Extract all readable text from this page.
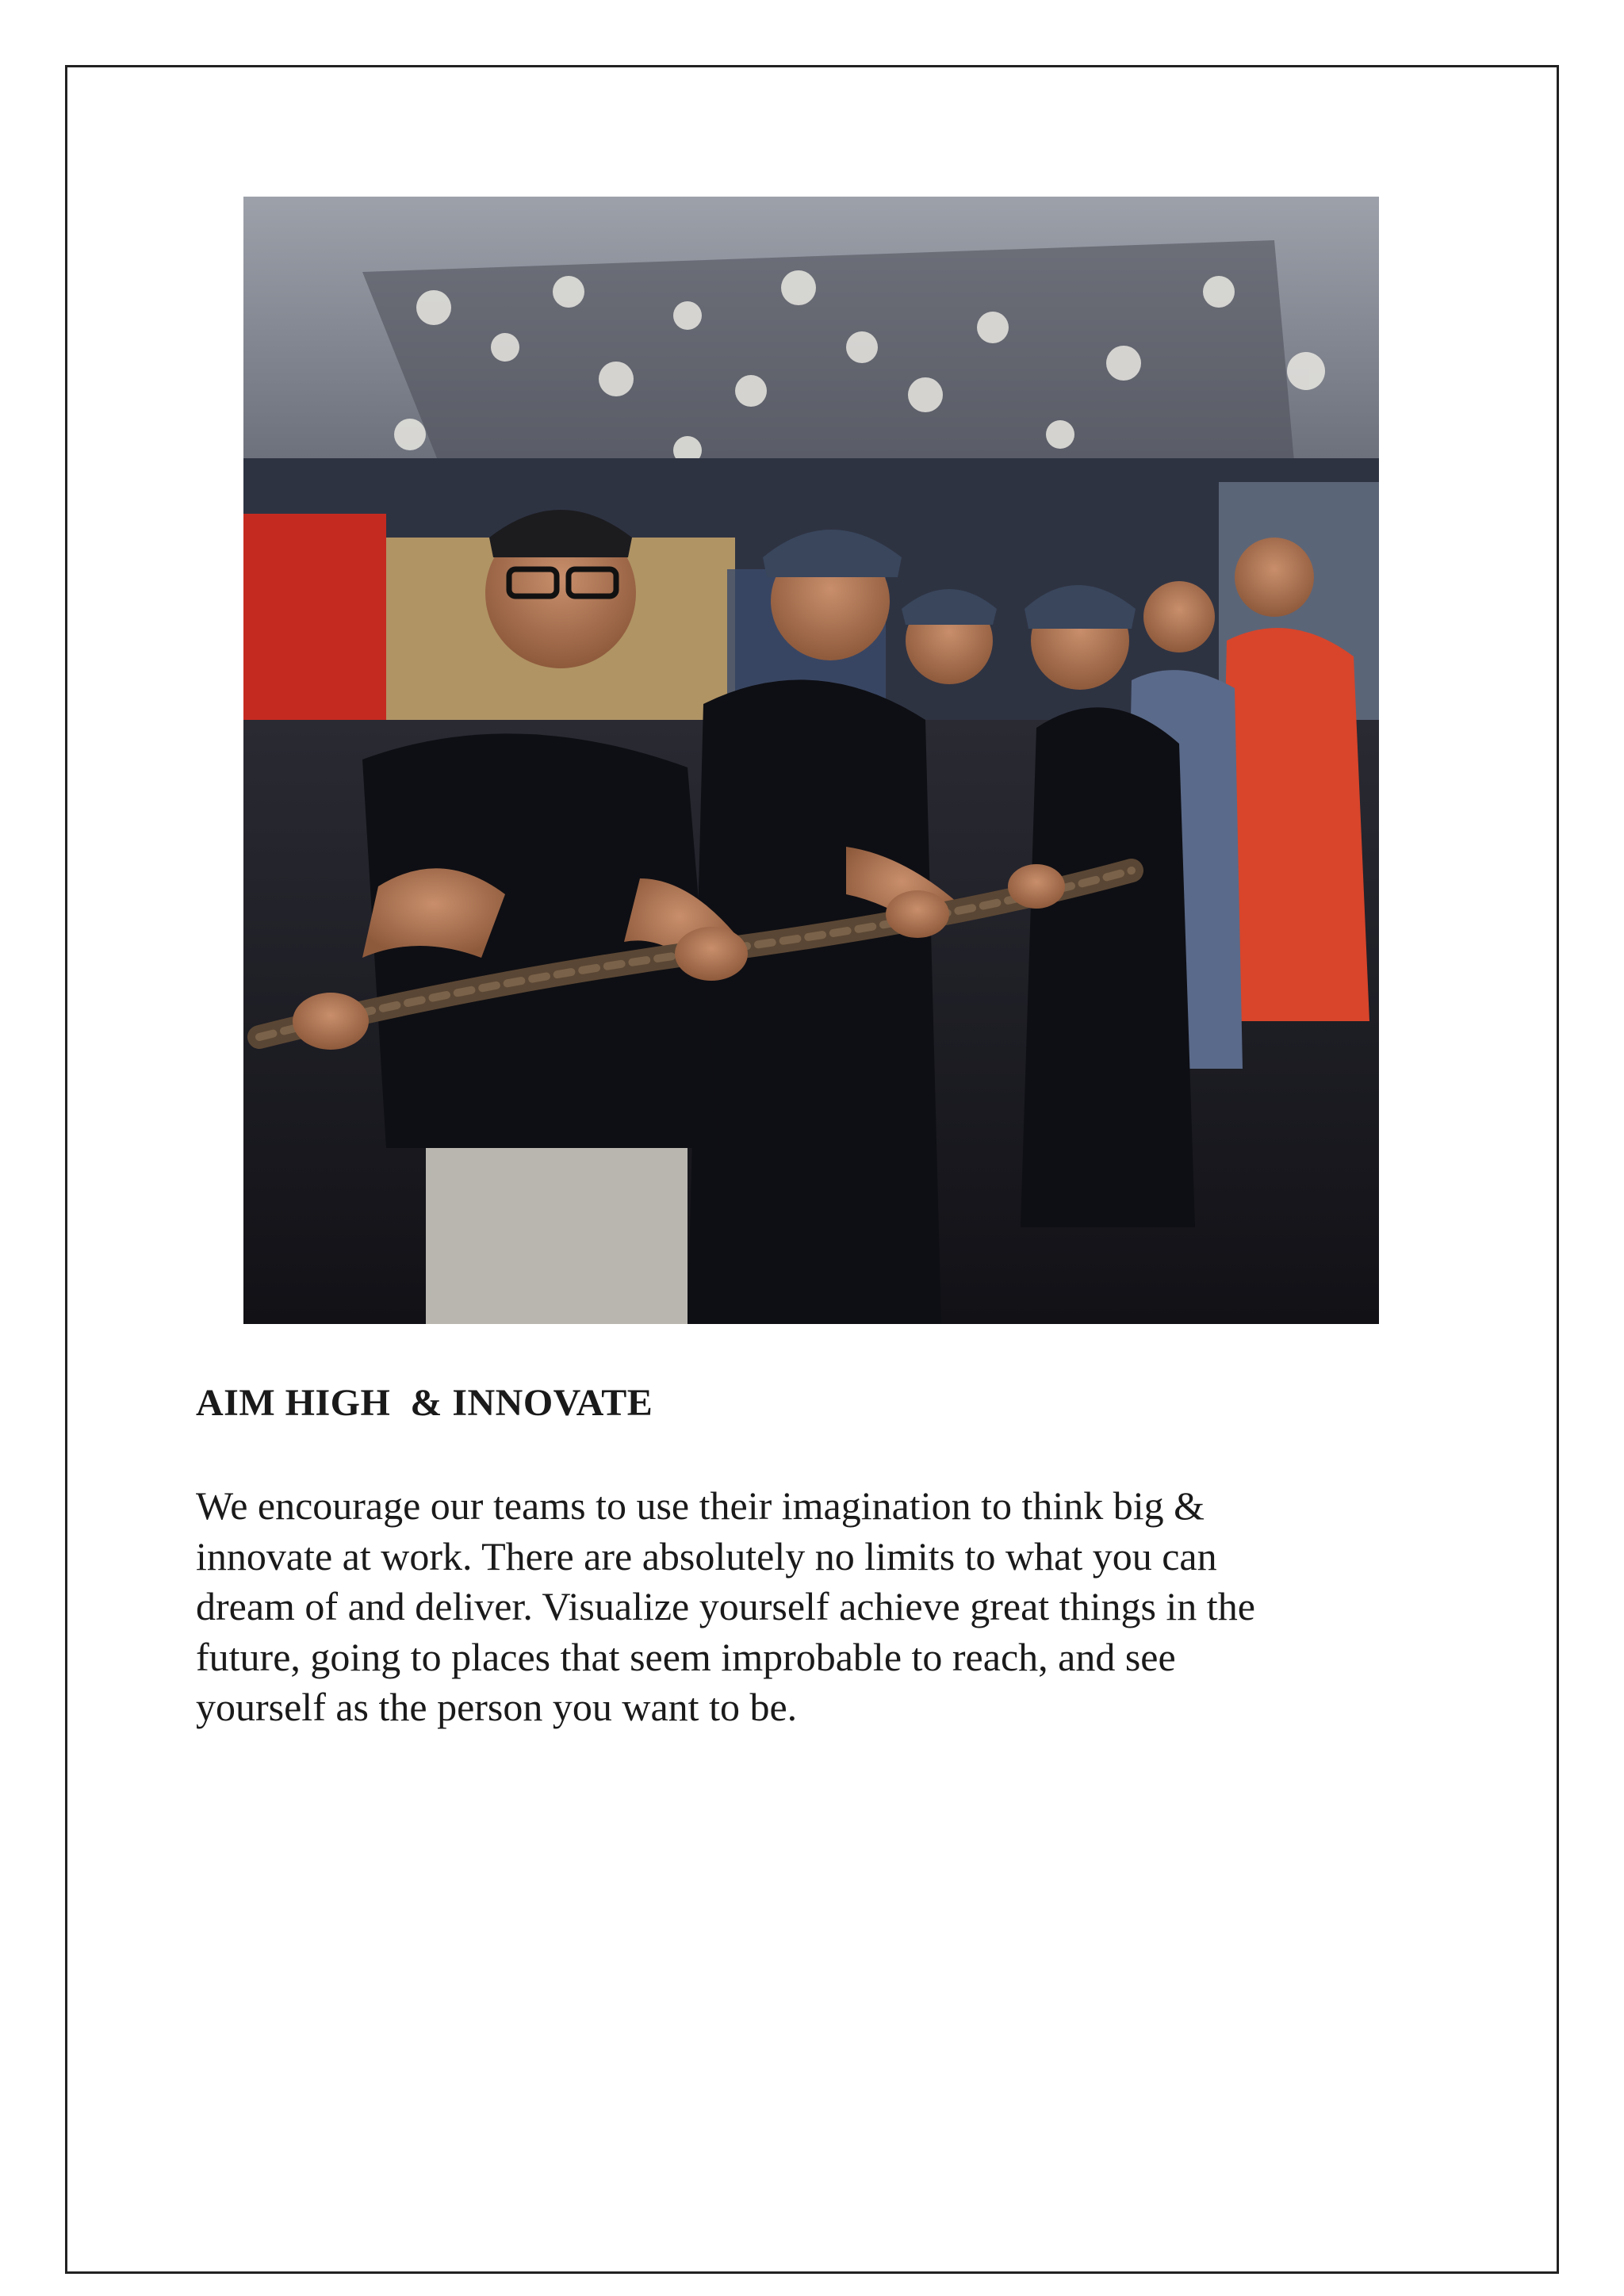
AIM HIGH  & INNOVATE

We encourage our teams to use their imagination to think big &
innovate at work. There are absolutely no limits to what you can
dream of and deliver. Visualize yourself achieve great things in the
future, going to places that seem improbable to reach, and see
yourself as the person you want to be.
